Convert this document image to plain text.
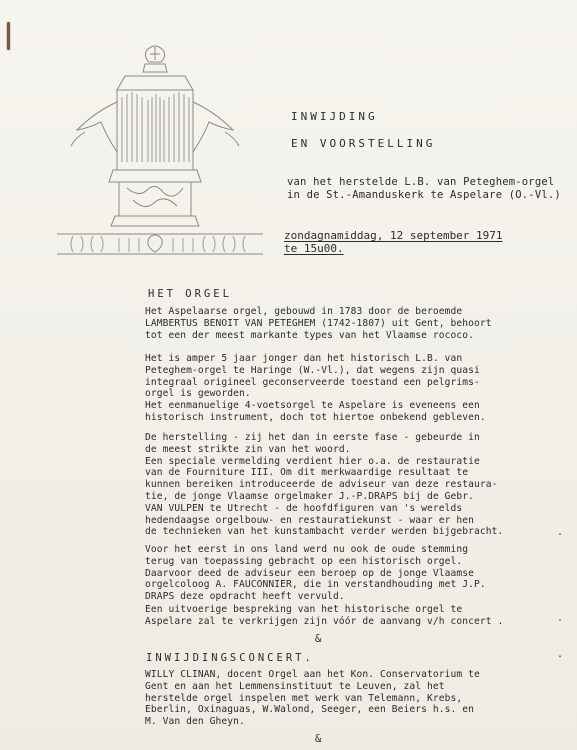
INWIJDING
EN VOORSTELLING
van het herstelde L.B. van Peteghem-orgel
in de St.-Amanduskerk te Aspelare (O.-Vl.)
zondagnamiddag, 12 september 1971
te 15u00.
HET ORGEL
Het Aspelaarse orgel, gebouwd in 1783 door de beroemde
LAMBERTUS BENOIT VAN PETEGHEM (1742-1807) uit Gent, behoort
tot een der meest markante types van het Vlaamse rococo.
Het is amper 5 jaar jonger dan het historisch L.B. van
Peteghem-orgel te Haringe (W.-Vl.), dat wegens zijn quasi
integraal origineel geconserveerde toestand een pelgrims-
orgel is geworden.
Het eenmanuelige 4-voetsorgel te Aspelare is eveneens een
historisch instrument, doch tot hiertoe onbekend gebleven.
De herstelling - zij het dan in eerste fase - gebeurde in
de meest strikte zin van het woord.
Een speciale vermelding verdient hier o.a. de restauratie
van de Fourniture III. Om dit merkwaardige resultaat te
kunnen bereiken introduceerde de adviseur van deze restaura-
tie, de jonge Vlaamse orgelmaker J.-P.DRAPS bij de Gebr.
VAN VULPEN te Utrecht - de hoofdfiguren van 's werelds
hedendaagse orgelbouw- en restauratiekunst - waar er hen
de technieken van het kunstambacht verder werden bijgebracht.
Voor het eerst in ons land werd nu ook de oude stemming
terug van toepassing gebracht op een historisch orgel.
Daarvoor deed de adviseur een beroep op de jonge Vlaamse
orgelcoloog A. FAUCONNIER, die in verstandhouding met J.P.
DRAPS deze opdracht heeft vervuld.
Een uitvoerige bespreking van het historische orgel te
Aspelare zal te verkrijgen zijn vóór de aanvang v/h concert .
&
INWIJDINGSCONCERT.
WILLY CLINAN, docent Orgel aan het Kon. Conservatorium te
Gent en aan het Lemmensinstituut te Leuven, zal het
herstelde orgel inspelen met werk van Telemann, Krebs,
Eberlin, Oxinaguas, W.Walond, Seeger, een Beiers h.s. en
M. Van den Gheyn.
&
.
.
.
